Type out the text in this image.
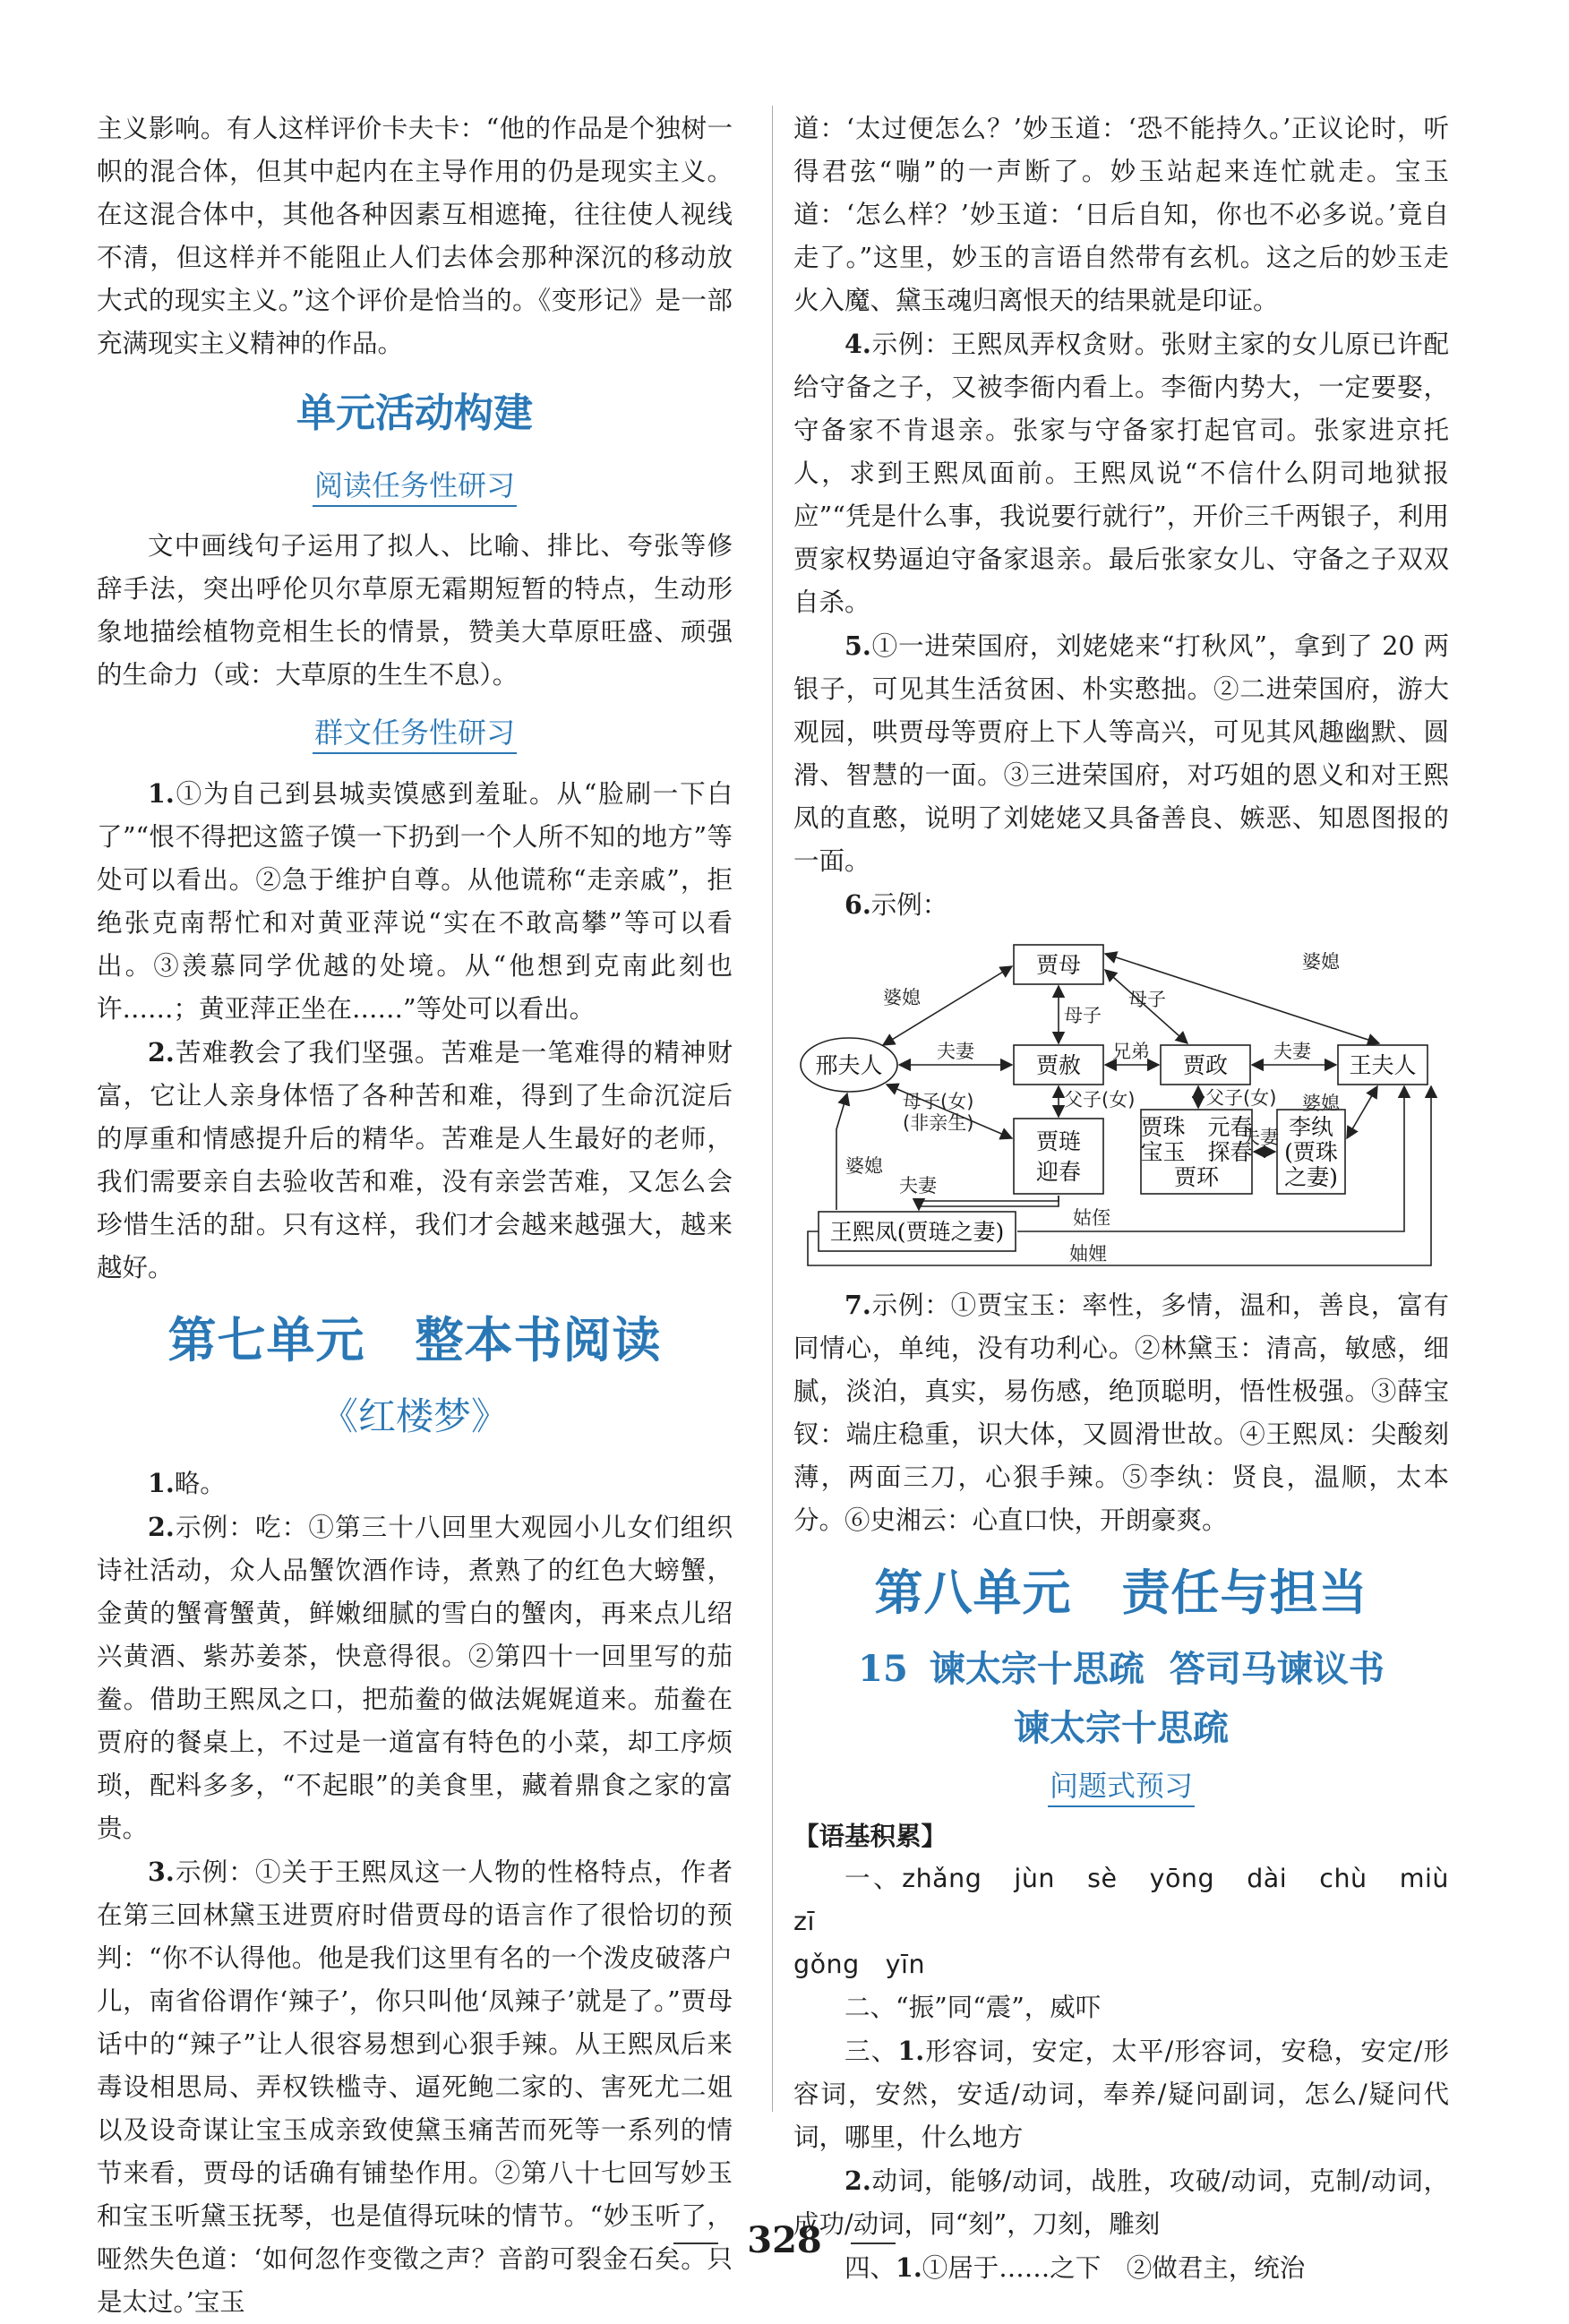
主义影响。有人这样评价卡夫卡：“他的作品是个独树一帜的混合体，但其中起内在主导作用的仍是现实主义。在这混合体中，其他各种因素互相遮掩，往往使人视线不清，但这样并不能阻止人们去体会那种深沉的移动放大式的现实主义。”这个评价是恰当的。《变形记》是一部充满现实主义精神的作品。

单元活动构建
阅读任务性研习

文中画线句子运用了拟人、比喻、排比、夸张等修辞手法，突出呼伦贝尔草原无霜期短暂的特点，生动形象地描绘植物竞相生长的情景，赞美大草原旺盛、顽强的生命力（或：大草原的生生不息）。

群文任务性研习

1.①为自己到县城卖馍感到羞耻。从“脸刷一下白了”“恨不得把这篮子馍一下扔到一个人所不知的地方”等处可以看出。②急于维护自尊。从他谎称“走亲戚”，拒绝张克南帮忙和对黄亚萍说“实在不敢高攀”等可以看出。③羡慕同学优越的处境。从“他想到克南此刻也许……；黄亚萍正坐在……”等处可以看出。

2.苦难教会了我们坚强。苦难是一笔难得的精神财富，它让人亲身体悟了各种苦和难，得到了生命沉淀后的厚重和情感提升后的精华。苦难是人生最好的老师，我们需要亲自去验收苦和难，没有亲尝苦难，又怎么会珍惜生活的甜。只有这样，我们才会越来越强大，越来越好。

第七单元 整本书阅读
《红楼梦》

1.略。

2.示例：吃：①第三十八回里大观园小儿女们组织诗社活动，众人品蟹饮酒作诗，煮熟了的红色大螃蟹，金黄的蟹膏蟹黄，鲜嫩细腻的雪白的蟹肉，再来点儿绍兴黄酒、紫苏姜茶，快意得很。②第四十一回里写的茄鲞。借助王熙凤之口，把茄鲞的做法娓娓道来。茄鲞在贾府的餐桌上，不过是一道富有特色的小菜，却工序烦琐，配料多多，“不起眼”的美食里，藏着鼎食之家的富贵。

3.示例：①关于王熙凤这一人物的性格特点，作者在第三回林黛玉进贾府时借贾母的语言作了很恰切的预判：“你不认得他。他是我们这里有名的一个泼皮破落户儿，南省俗谓作‘辣子’，你只叫他‘凤辣子’就是了。”贾母话中的“辣子”让人很容易想到心狠手辣。从王熙凤后来毒设相思局、弄权铁槛寺、逼死鲍二家的、害死尤二姐以及设奇谋让宝玉成亲致使黛玉痛苦而死等一系列的情节来看，贾母的话确有铺垫作用。②第八十七回写妙玉和宝玉听黛玉抚琴，也是值得玩味的情节。“妙玉听了，哑然失色道：‘如何忽作变徵之声？音韵可裂金石矣。只是太过。’宝玉

道：‘太过便怎么？’妙玉道：‘恐不能持久。’正议论时，听得君弦“嘣”的一声断了。妙玉站起来连忙就走。宝玉道：‘怎么样？’妙玉道：‘日后自知，你也不必多说。’竟自走了。”这里，妙玉的言语自然带有玄机。这之后的妙玉走火入魔、黛玉魂归离恨天的结果就是印证。

4.示例：王熙凤弄权贪财。张财主家的女儿原已许配给守备之子，又被李衙内看上。李衙内势大，一定要娶，守备家不肯退亲。张家与守备家打起官司。张家进京托人，求到王熙凤面前。王熙凤说“不信什么阴司地狱报应”“凭是什么事，我说要行就行”，开价三千两银子，利用贾家权势逼迫守备家退亲。最后张家女儿、守备之子双双自杀。

5.①一进荣国府，刘姥姥来“打秋风”，拿到了 20 两银子，可见其生活贫困、朴实憨拙。②二进荣国府，游大观园，哄贾母等贾府上下人等高兴，可见其风趣幽默、圆滑、智慧的一面。③三进荣国府，对巧姐的恩义和对王熙凤的直憨，说明了刘姥姥又具备善良、嫉恶、知恩图报的一面。

6.示例：

贾母
邢夫人	贾赦	贾政	王夫人
贾琏
迎春
贾珠　元春
宝玉　探春
贾环
李纨
(贾珠
之妻)
王熙凤(贾琏之妻)
婆媳
婆媳
婆媳
婆媳
母子
母子
夫妻	夫妻
夫妻
夫妻
兄弟
父子(女)	父子(女)
母子(女)
(非亲生)
姑侄
妯娌

7.示例：①贾宝玉：率性，多情，温和，善良，富有同情心，单纯，没有功利心。②林黛玉：清高，敏感，细腻，淡泊，真实，易伤感，绝顶聪明，悟性极强。③薛宝钗：端庄稳重，识大体，又圆滑世故。④王熙凤：尖酸刻薄，两面三刀，心狠手辣。⑤李纨：贤良，温顺，太本分。⑥史湘云：心直口快，开朗豪爽。

第八单元 责任与担当
15 谏太宗十思疏 答司马谏议书
谏太宗十思疏
问题式预习

【语基积累】

一、zhǎng　jùn　sè　yōng　dài　chù　miù　zī

gǒng　yīn

二、“振”同“震”，威吓

三、1.形容词，安定，太平/形容词，安稳，安定/形容词，安然，安适/动词，奉养/疑问副词，怎么/疑问代词，哪里，什么地方

2.动词，能够/动词，战胜，攻破/动词，克制/动词，成功/动词，同“刻”，刀刻，雕刻

四、1.①居于……之下　②做君主，统治

328
